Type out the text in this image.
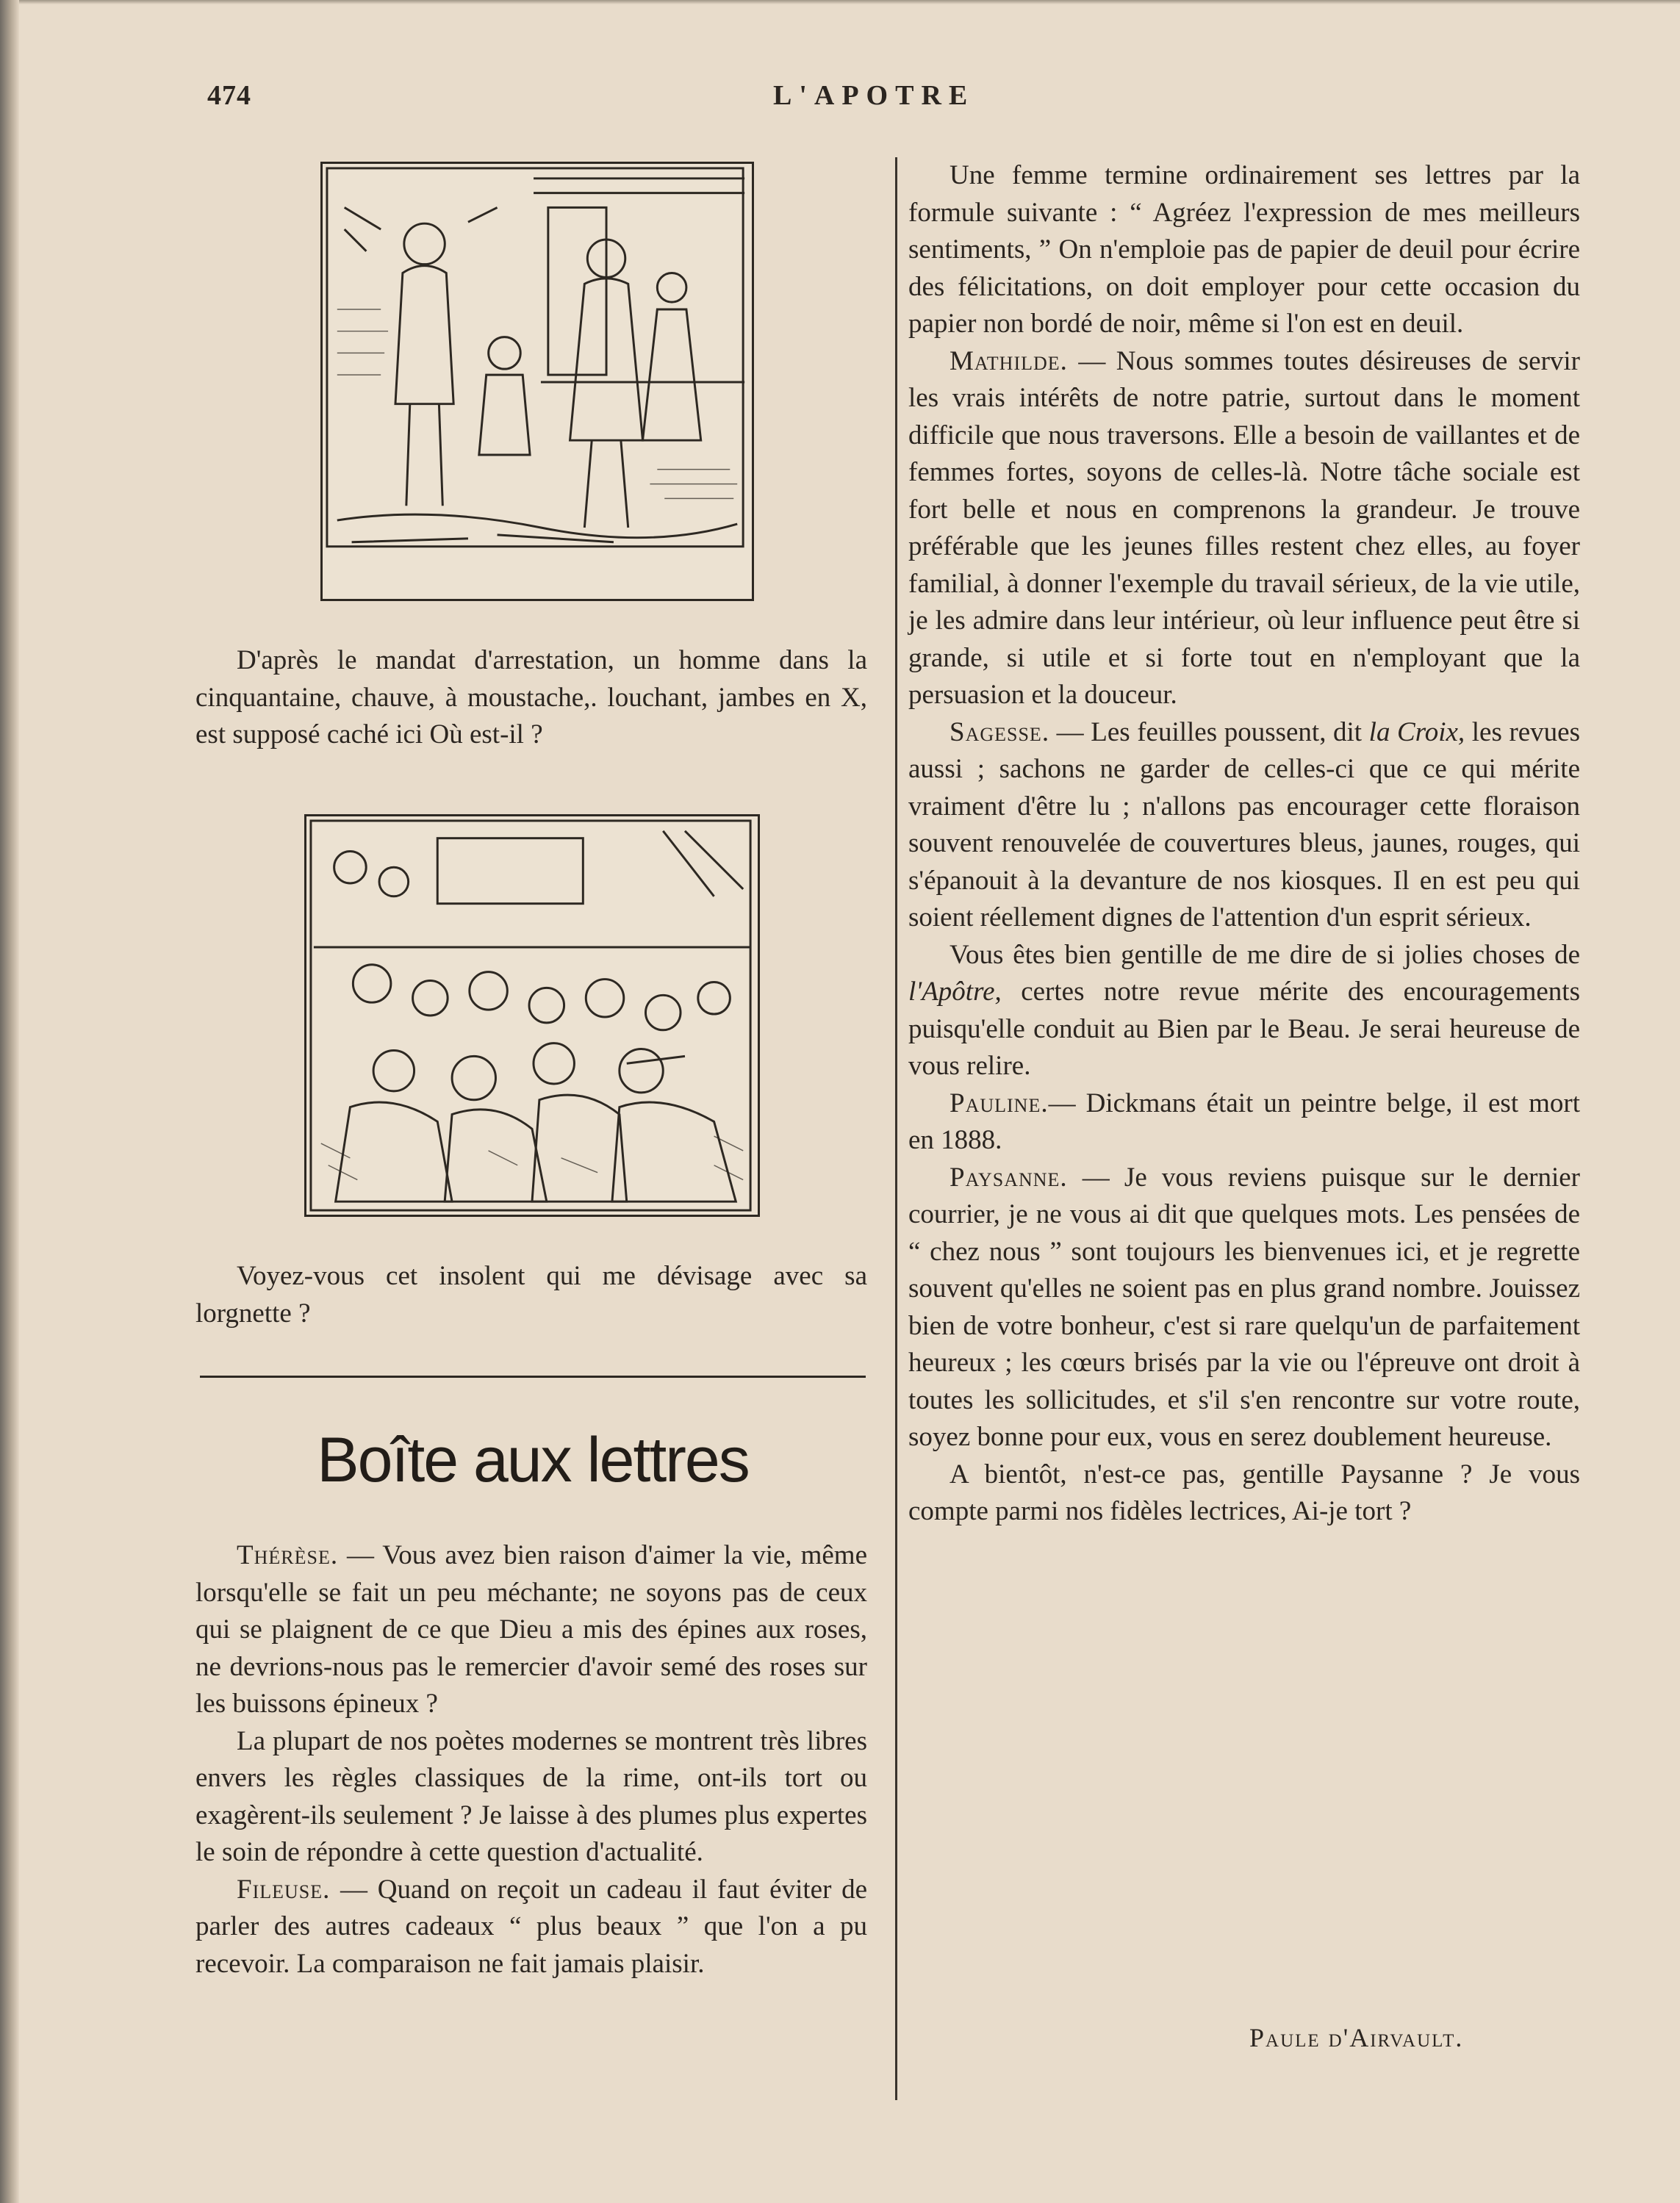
474	L'APOTRE

D'après le mandat d'arrestation, un homme dans la cinquantaine, chauve, à moustache,. louchant, jambes en X, est supposé caché ici Où est-il ?

Voyez-vous cet insolent qui me dévisage avec sa lorgnette ?

Boîte aux lettres

Thérèse. — Vous avez bien raison d'aimer la vie, même lorsqu'elle se fait un peu méchante; ne soyons pas de ceux qui se plaignent de ce que Dieu a mis des épines aux roses, ne devrions-nous pas le remercier d'avoir semé des roses sur les buissons épineux ?

La plupart de nos poètes modernes se montrent très libres envers les règles classiques de la rime, ont-ils tort ou exagèrent-ils seulement ? Je laisse à des plumes plus expertes le soin de répondre à cette question d'actualité.

Fileuse. — Quand on reçoit un cadeau il faut éviter de parler des autres cadeaux “ plus beaux ” que l'on a pu recevoir. La comparaison ne fait jamais plaisir.

Une femme termine ordinairement ses lettres par la formule suivante : “ Agréez l'expression de mes meilleurs sentiments, ” On n'emploie pas de papier de deuil pour écrire des félicitations, on doit employer pour cette occasion du papier non bordé de noir, même si l'on est en deuil.

Mathilde. — Nous sommes toutes désireuses de servir les vrais intérêts de notre patrie, surtout dans le moment difficile que nous traversons. Elle a besoin de vaillantes et de femmes fortes, soyons de celles-là. Notre tâche sociale est fort belle et nous en comprenons la grandeur. Je trouve préférable que les jeunes filles restent chez elles, au foyer familial, à donner l'exemple du travail sérieux, de la vie utile, je les admire dans leur intérieur, où leur influence peut être si grande, si utile et si forte tout en n'employant que la persuasion et la douceur.

Sagesse. — Les feuilles poussent, dit la Croix, les revues aussi ; sachons ne garder de celles-ci que ce qui mérite vraiment d'être lu ; n'allons pas encourager cette floraison souvent renouvelée de couvertures bleus, jaunes, rouges, qui s'épanouit à la devanture de nos kiosques. Il en est peu qui soient réellement dignes de l'attention d'un esprit sérieux.

Vous êtes bien gentille de me dire de si jolies choses de l'Apôtre, certes notre revue mérite des encouragements puisqu'elle conduit au Bien par le Beau. Je serai heureuse de vous relire.

Pauline.— Dickmans était un peintre belge, il est mort en 1888.

Paysanne. — Je vous reviens puisque sur le dernier courrier, je ne vous ai dit que quelques mots. Les pensées de “ chez nous ” sont toujours les bienvenues ici, et je regrette souvent qu'elles ne soient pas en plus grand nombre. Jouissez bien de votre bonheur, c'est si rare quelqu'un de parfaitement heureux ; les cœurs brisés par la vie ou l'épreuve ont droit à toutes les sollicitudes, et s'il s'en rencontre sur votre route, soyez bonne pour eux, vous en serez doublement heureuse.

A bientôt, n'est-ce pas, gentille Paysanne ? Je vous compte parmi nos fidèles lectrices, Ai-je tort ?

Paule d'Airvault.
